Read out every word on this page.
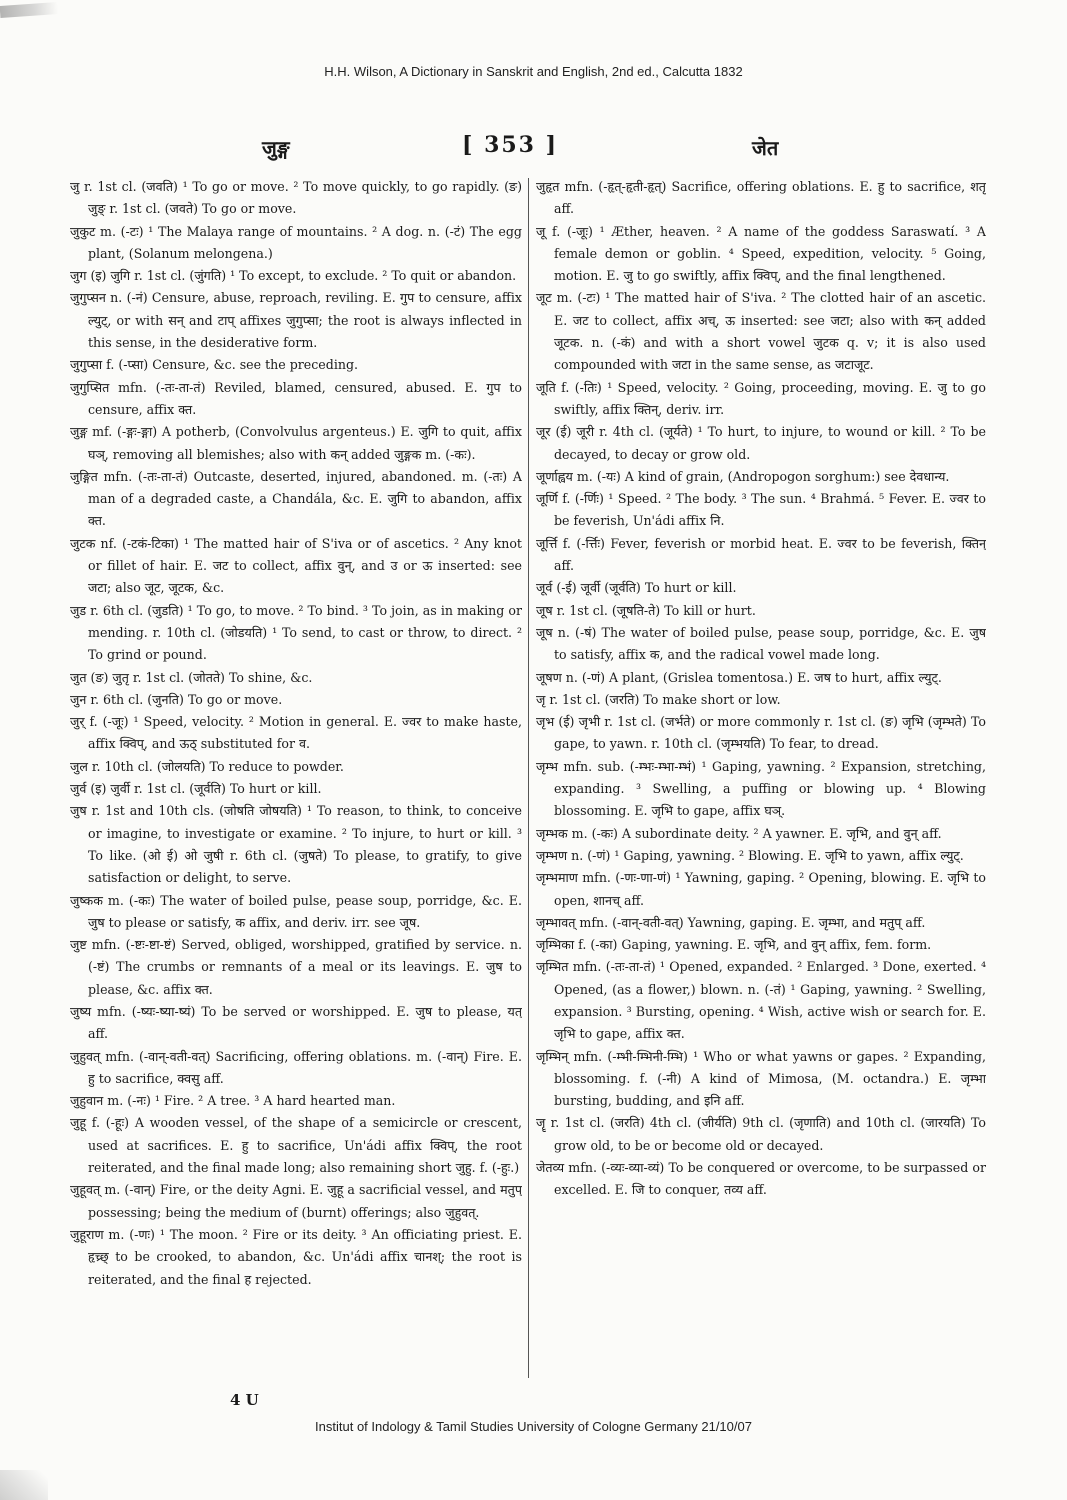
H.H. Wilson, A Dictionary in Sanskrit and English, 2nd ed., Calcutta 1832
जुङ्ग	[ 353 ]	जेत

जु r. 1st cl. (जवति) ¹ To go or move. ² To move quickly, to go rapidly. (ङ) जुङ् r. 1st cl. (जवते) To go or move.

जुकुट m. (-टः) ¹ The Malaya range of mountains. ² A dog. n. (-टं) The egg plant, (Solanum melongena.)

जुग (इ) जुगि r. 1st cl. (जुंगति) ¹ To except, to exclude. ² To quit or abandon.

जुगुप्सन n. (-नं) Censure, abuse, reproach, reviling. E. गुप to censure, affix ल्युट्, or with सन् and टाप् affixes जुगुप्सा; the root is always inflected in this sense, in the desiderative form.

जुगुप्सा f. (-प्सा) Censure, &c. see the preceding.

जुगुप्सित mfn. (-तः-ता-तं) Reviled, blamed, censured, abused. E. गुप to censure, affix क्त.

जुङ्ग mf. (-ङ्गः-ङ्गा) A potherb, (Convolvulus argenteus.) E. जुगि to quit, affix घञ्, removing all blemishes; also with कन् added जुङ्गक m. (-कः).

जुङ्गित mfn. (-तः-ता-तं) Outcaste, deserted, injured, abandoned. m. (-तः) A man of a degraded caste, a Chandála, &c. E. जुगि to abandon, affix क्त.

जुटक nf. (-टकं-टिका) ¹ The matted hair of S'iva or of ascetics. ² Any knot or fillet of hair. E. जट to collect, affix वुन्, and उ or ऊ inserted: see जटा; also जूट, जूटक, &c.

जुड r. 6th cl. (जुडति) ¹ To go, to move. ² To bind. ³ To join, as in making or mending. r. 10th cl. (जोडयति) ¹ To send, to cast or throw, to direct. ² To grind or pound.

जुत (ङ) जुतृ r. 1st cl. (जोतते) To shine, &c.

जुन r. 6th cl. (जुनति) To go or move.

जुर् f. (-जूः) ¹ Speed, velocity. ² Motion in general. E. ज्वर to make haste, affix क्विप्, and ऊठ् substituted for व.

जुल r. 10th cl. (जोलयति) To reduce to powder.

जुर्व (इ) जुर्वी r. 1st cl. (जूर्वति) To hurt or kill.

जुष r. 1st and 10th cls. (जोषति जोषयति) ¹ To reason, to think, to conceive or imagine, to investigate or examine. ² To injure, to hurt or kill. ³ To like. (ओ ई) ओ जुषी r. 6th cl. (जुषते) To please, to gratify, to give satisfaction or delight, to serve.

जुष्कक m. (-कः) The water of boiled pulse, pease soup, porridge, &c. E. जुष to please or satisfy, क affix, and deriv. irr. see जूष.

जुष्ट mfn. (-ष्टः-ष्टा-ष्टं) Served, obliged, worshipped, gratified by service. n. (-ष्टं) The crumbs or remnants of a meal or its leavings. E. जुष to please, &c. affix क्त.

जुष्य mfn. (-ष्यः-ष्या-ष्यं) To be served or worshipped. E. जुष to please, यत् aff.

जुहुवत् mfn. (-वान्-वती-वत्) Sacrificing, offering oblations. m. (-वान्) Fire. E. हु to sacrifice, क्वसु aff.

जुहुवान m. (-नः) ¹ Fire. ² A tree. ³ A hard hearted man.

जुहू f. (-हूः) A wooden vessel, of the shape of a semicircle or crescent, used at sacrifices. E. हु to sacrifice, Un'ádi affix क्विप्, the root reiterated, and the final made long; also remaining short जुहु. f. (-हुः.)

जुहूवत् m. (-वान्) Fire, or the deity Agni. E. जुहू a sacrificial vessel, and मतुप् possessing; being the medium of (burnt) offerings; also जुहुवत्.

जुहूराण m. (-णः) ¹ The moon. ² Fire or its deity. ³ An officiating priest. E. हृच्र्छ् to be crooked, to abandon, &c. Un'ádi affix चानश्; the root is reiterated, and the final ह rejected.

जुहृत mfn. (-हृत्-हृती-हृत्) Sacrifice, offering oblations. E. हु to sacrifice, शतृ aff.

जू f. (-जूः) ¹ Æther, heaven. ² A name of the goddess Saraswatí. ³ A female demon or goblin. ⁴ Speed, expedition, velocity. ⁵ Going, motion. E. जु to go swiftly, affix क्विप्, and the final lengthened.

जूट m. (-टः) ¹ The matted hair of S'iva. ² The clotted hair of an ascetic. E. जट to collect, affix अच्, ऊ inserted: see जटा; also with कन् added जूटक. n. (-कं) and with a short vowel जुटक q. v; it is also used compounded with जटा in the same sense, as जटाजूट.

जूति f. (-तिः) ¹ Speed, velocity. ² Going, proceeding, moving. E. जु to go swiftly, affix क्तिन्, deriv. irr.

जूर (ई) जूरी r. 4th cl. (जूर्यते) ¹ To hurt, to injure, to wound or kill. ² To be decayed, to decay or grow old.

जूर्णाह्वय m. (-यः) A kind of grain, (Andropogon sorghum:) see देवधान्य.

जूर्णि f. (-र्णिः) ¹ Speed. ² The body. ³ The sun. ⁴ Brahmá. ⁵ Fever. E. ज्वर to be feverish, Un'ádi affix नि.

जूर्त्ति f. (-र्त्तिः) Fever, feverish or morbid heat. E. ज्वर to be feverish, क्तिन् aff.

जूर्व (-ई) जूर्वी (जूर्वति) To hurt or kill.

जूष r. 1st cl. (जूषति-ते) To kill or hurt.

जूष n. (-षं) The water of boiled pulse, pease soup, porridge, &c. E. जुष to satisfy, affix क, and the radical vowel made long.

जूषण n. (-णं) A plant, (Grislea tomentosa.) E. जष to hurt, affix ल्युट्.

जृ r. 1st cl. (जरति) To make short or low.

जृभ (ई) जृभी r. 1st cl. (जर्भते) or more commonly r. 1st cl. (ङ) जृभि (जृम्भते) To gape, to yawn. r. 10th cl. (जृम्भयति) To fear, to dread.

जृम्भ mfn. sub. (-म्भः-म्भा-म्भं) ¹ Gaping, yawning. ² Expansion, stretching, expanding. ³ Swelling, a puffing or blowing up. ⁴ Blowing blossoming. E. जृभि to gape, affix घञ्.

जृम्भक m. (-कः) A subordinate deity. ² A yawner. E. जृभि, and वुन् aff.

जृम्भण n. (-णं) ¹ Gaping, yawning. ² Blowing. E. जृभि to yawn, affix ल्युट्.

जृम्भमाण mfn. (-णः-णा-णं) ¹ Yawning, gaping. ² Opening, blowing. E. जृभि to open, शानच् aff.

जृम्भावत् mfn. (-वान्-वती-वत्) Yawning, gaping. E. जृम्भा, and मतुप् aff.

जृम्भिका f. (-का) Gaping, yawning. E. जृभि, and वुन् affix, fem. form.

जृम्भित mfn. (-तः-ता-तं) ¹ Opened, expanded. ² Enlarged. ³ Done, exerted. ⁴ Opened, (as a flower,) blown. n. (-तं) ¹ Gaping, yawning. ² Swelling, expansion. ³ Bursting, opening. ⁴ Wish, active wish or search for. E. जृभि to gape, affix क्त.

जृम्भिन् mfn. (-म्भी-म्भिनी-म्भि) ¹ Who or what yawns or gapes. ² Expanding, blossoming. f. (-नी) A kind of Mimosa, (M. octandra.) E. जृम्भा bursting, budding, and इनि aff.

जॄ r. 1st cl. (जरति) 4th cl. (जीर्यति) 9th cl. (जृणाति) and 10th cl. (जारयति) To grow old, to be or become old or decayed.

जेतव्य mfn. (-व्यः-व्या-व्यं) To be conquered or overcome, to be surpassed or excelled. E. जि to conquer, तव्य aff.

4 U
Institut of Indology & Tamil Studies University of Cologne Germany 21/10/07
